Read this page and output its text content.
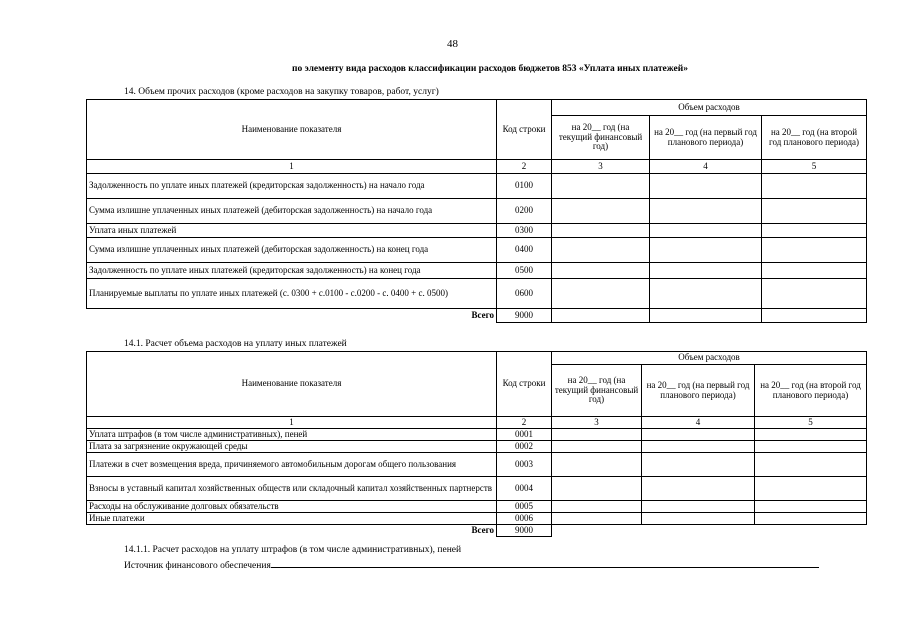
48
по элементу вида расходов классификации расходов бюджетов 853 «Уплата иных платежей»
14. Объем прочих расходов (кроме расходов на закупку товаров, работ, услуг)
Наименование показателя	Код строки	Объем расходов		
		на 20__ год (на текущий финансовый год)	на 20__ год (на первый год планового периода)	на 20__ год (на второй год планового периода)
1	2	3	4	5
Задолженность по уплате иных платежей (кредиторская задолженность) на начало года	0100			
Сумма излишне уплаченных иных платежей (дебиторская задолженность) на начало года	0200			
Уплата иных платежей	0300			
Сумма излишне уплаченных иных платежей (дебиторская задолженность) на конец года	0400			
Задолженность по уплате иных платежей (кредиторская задолженность) на конец года	0500			
Планируемые выплаты по уплате иных платежей (с. 0300 + с.0100 - с.0200 - с. 0400 + с. 0500)	0600			
Всего	9000			
14.1. Расчет объема расходов на уплату иных платежей
Наименование показателя	Код строки	Объем расходов		
		на 20__ год (на текущий финансовый год)	на 20__ год (на первый год планового периода)	на 20__ год (на второй год планового периода)
1	2	3	4	5
Уплата штрафов (в том числе административных), пеней	0001			
Плата за загрязнение окружающей среды	0002			
Платежи в счет возмещения вреда, причиняемого автомобильным дорогам общего пользования	0003			
Взносы в уставный капитал хозяйственных обществ или складочный капитал хозяйственных партнерств	0004			
Расходы на обслуживание долговых обязательств	0005			
Иные платежи	0006			
Всего	9000			
14.1.1. Расчет расходов на уплату штрафов (в том числе административных), пеней
Источник финансового обеспечения
